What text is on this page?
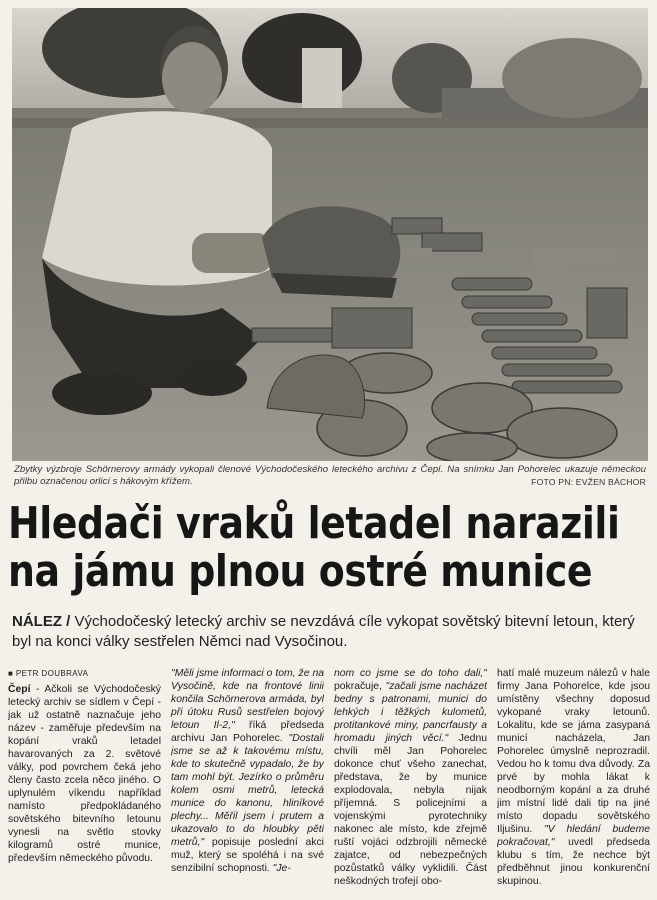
Zbytky výzbroje Schörnerovy armády vykopali členové Východočeského leteckého archivu z Čepí. Na snímku Jan Pohorelec ukazuje německou přilbu označenou orlicí s hákovým křížem.	FOTO PN: EVŽEN BÁCHOR
Hledači vraků letadel narazili
na jámu plnou ostré munice
NÁLEZ / Východočeský letecký archiv se nevzdává cíle vykopat sovětský bitevní letoun, který byl na konci války sestřelen Němci nad Vysočinou.
■ PETR DOUBRAVA
Čepí - Ačkoli se Východočeský letecký archiv se sídlem v Čepí - jak už ostatně naznačuje jeho název - zaměřuje především na kopání vraků letadel havarovaných za 2. světové války, pod povrchem čeká jeho členy často zcela něco jiného. O uplynulém víkendu například namísto předpokládaného sovětského bitevního letounu vynesli na světlo stovky kilogramů ostré munice, především německého původu.
"Měli jsme informaci o tom, že na Vysočině, kde na frontové linii končila Schörnerova armáda, byl při útoku Rusů sestřelen bojový letoun Il-2," říká předseda archivu Jan Pohorelec. "Dostali jsme se až k takovému místu, kde to skutečně vypadalo, že by tam mohl být. Jezírko o průměru kolem osmi metrů, letecká munice do kanonu, hliníkové plechy... Měřil jsem i prutem a ukazovalo to do hloubky pěti metrů," popisuje poslední akci muž, který se spoléhá i na své senzibilní schopnosti. "Je-
nom co jsme se do toho dali," pokračuje, "začali jsme nacházet bedny s patronami, munici do lehkých i těžkých kulometů, protitankové miny, pancrfausty a hromadu jiných věcí." Jednu chvíli měl Jan Pohorelec dokonce chuť všeho zanechat, představa, že by munice explodovala, nebyla nijak příjemná. S policejními a vojenskými pyrotechniky nakonec ale místo, kde zřejmě ruští vojáci odzbrojili německé zajatce, od nebezpečných pozůstatků války vyklidili. Část neškodných trofejí obo-
hatí malé muzeum nálezů v hale firmy Jana Pohorelce, kde jsou umístěny všechny doposud vykopané vraky letounů. Lokalitu, kde se jáma zasypaná municí nacházela, Jan Pohorelec úmyslně neprozradil. Vedou ho k tomu dva důvody. Za prvé by mohla lákat k neodborným kopání a za druhé jim místní lidé dali tip na jiné místo dopadu sovětského Iljušinu. "V hledání budeme pokračovat," uvedl předseda klubu s tím, že nechce být předběhnut jinou konkurenční skupinou.
